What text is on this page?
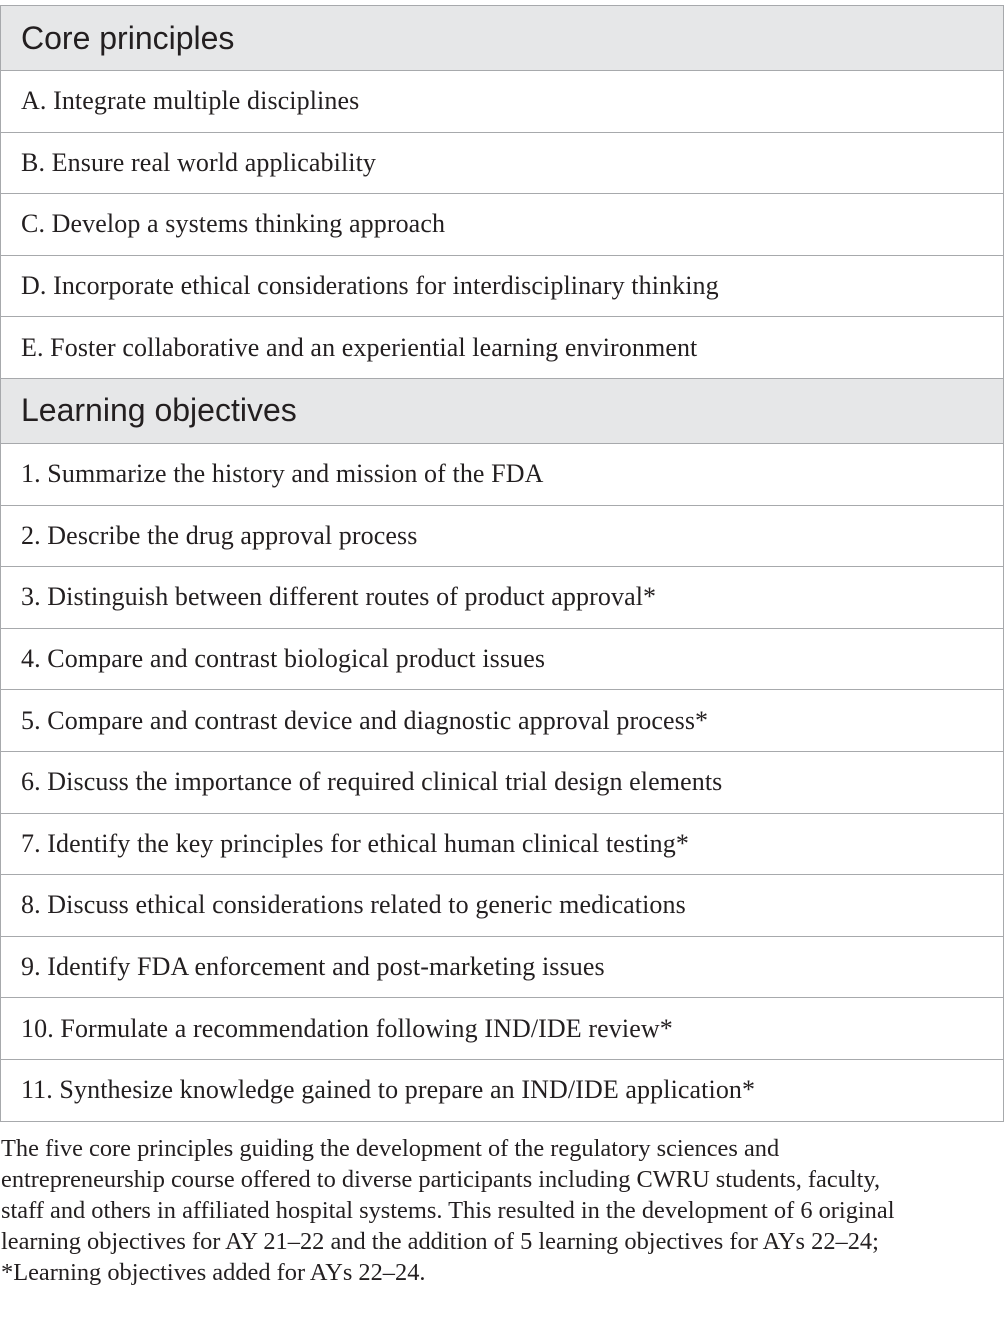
Core principles
A. Integrate multiple disciplines
B. Ensure real world applicability
C. Develop a systems thinking approach
D. Incorporate ethical considerations for interdisciplinary thinking
E. Foster collaborative and an experiential learning environment
Learning objectives
1. Summarize the history and mission of the FDA
2. Describe the drug approval process
3. Distinguish between different routes of product approval*
4. Compare and contrast biological product issues
5. Compare and contrast device and diagnostic approval process*
6. Discuss the importance of required clinical trial design elements
7. Identify the key principles for ethical human clinical testing*
8. Discuss ethical considerations related to generic medications
9. Identify FDA enforcement and post-marketing issues
10. Formulate a recommendation following IND/IDE review*
11. Synthesize knowledge gained to prepare an IND/IDE application*
The five core principles guiding the development of the regulatory sciences and
entrepreneurship course offered to diverse participants including CWRU students, faculty,
staff and others in affiliated hospital systems. This resulted in the development of 6 original
learning objectives for AY 21–22 and the addition of 5 learning objectives for AYs 22–24;
*Learning objectives added for AYs 22–24.
